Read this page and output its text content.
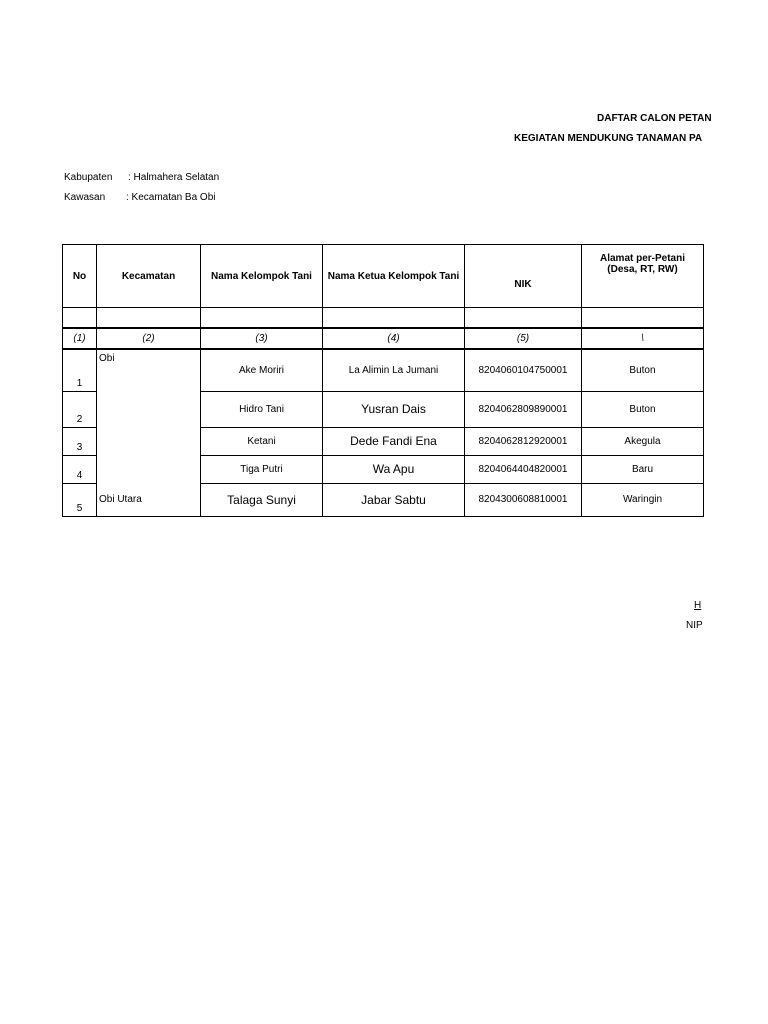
DAFTAR CALON PETAN
KEGIATAN MENDUKUNG TANAMAN PA
Kabupaten : Halmahera Selatan
Kawasan : Kecamatan Ba Obi
No	Kecamatan	Nama Kelompok Tani	Nama Ketua Kelompok Tani	NIK	Alamat per-Petani (Desa, RT, RW)

(1)	(2)	(3)	(4)	(5)	\
1	Obi	Ake Moriri	La Alimin La Jumani	8204060104750001	Buton
2		Hidro Tani	Yusran Dais	8204062809890001	Buton
3		Ketani	Dede Fandi Ena	8204062812920001	Akegula
4		Tiga Putri	Wa Apu	8204064404820001	Baru
5	Obi Utara	Talaga Sunyi	Jabar Sabtu	8204300608810001	Waringin
H
NIP
